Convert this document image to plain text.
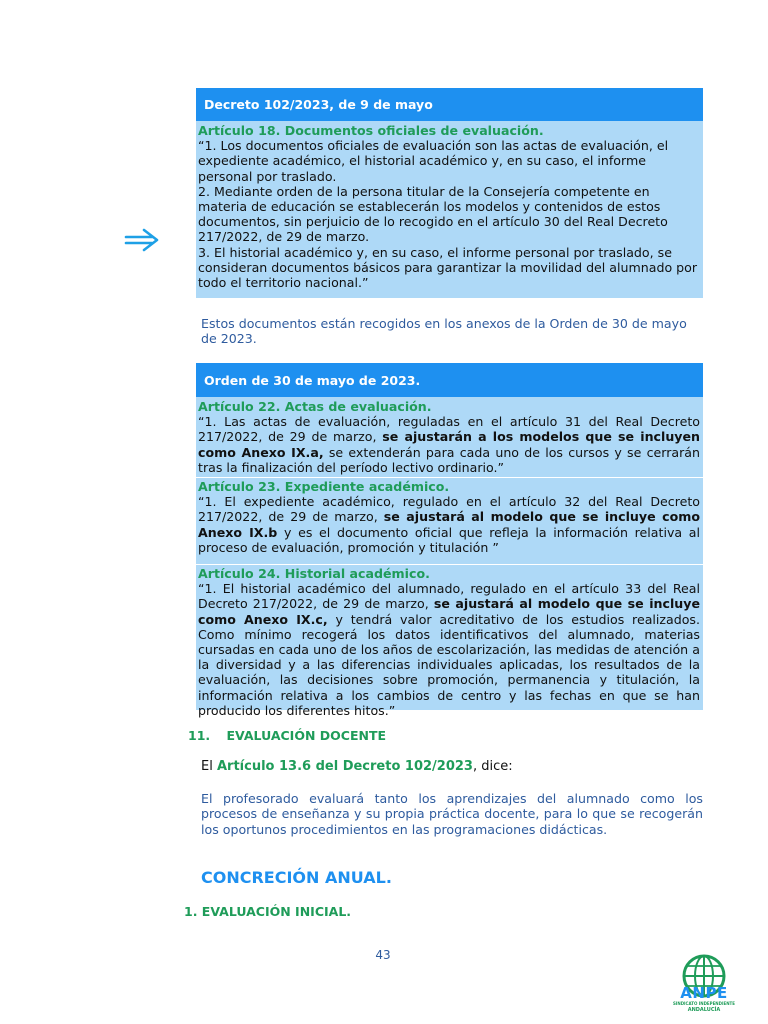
Decreto 102/2023, de 9 de mayo
Artículo 18. Documentos oficiales de evaluación.
“1. Los documentos oficiales de evaluación son las actas de evaluación, el expediente académico, el historial académico y, en su caso, el informe personal por traslado.
2. Mediante orden de la persona titular de la Consejería competente en materia de educación se establecerán los modelos y contenidos de estos documentos, sin perjuicio de lo recogido en el artículo 30 del Real Decreto 217/2022, de 29 de marzo.
3. El historial académico y, en su caso, el informe personal por traslado, se consideran documentos básicos para garantizar la movilidad del alumnado por todo el territorio nacional.”
Estos documentos están recogidos en los anexos de la Orden de 30 de mayo de 2023.
Orden de 30 de mayo de 2023.
Artículo 22. Actas de evaluación.
“1. Las actas de evaluación, reguladas en el artículo 31 del Real Decreto 217/2022, de 29 de marzo, se ajustarán a los modelos que se incluyen como Anexo IX.a, se extenderán para cada uno de los cursos y se cerrarán tras la finalización del período lectivo ordinario.”
Artículo 23. Expediente académico.
“1. El expediente académico, regulado en el artículo 32 del Real Decreto 217/2022, de 29 de marzo, se ajustará al modelo que se incluye como Anexo IX.b y es el documento oficial que refleja la información relativa al proceso de evaluación, promoción y titulación ”
Artículo 24. Historial académico.
“1. El historial académico del alumnado, regulado en el artículo 33 del Real Decreto 217/2022, de 29 de marzo, se ajustará al modelo que se incluye como Anexo IX.c, y tendrá valor acreditativo de los estudios realizados. Como mínimo recogerá los datos identificativos del alumnado, materias cursadas en cada uno de los años de escolarización, las medidas de atención a la diversidad y a las diferencias individuales aplicadas, los resultados de la evaluación, las decisiones sobre promoción, permanencia y titulación, la información relativa a los cambios de centro y las fechas en que se han producido los diferentes hitos.”
11. EVALUACIÓN DOCENTE
El Artículo 13.6 del Decreto 102/2023, dice:
El profesorado evaluará tanto los aprendizajes del alumnado como los procesos de enseñanza y su propia práctica docente, para lo que se recogerán los oportunos procedimientos en las programaciones didácticas.
CONCRECIÓN ANUAL.
1. EVALUACIÓN INICIAL.
43
ANPE
SINDICATO INDEPENDIENTE
ANDALUCÍA
